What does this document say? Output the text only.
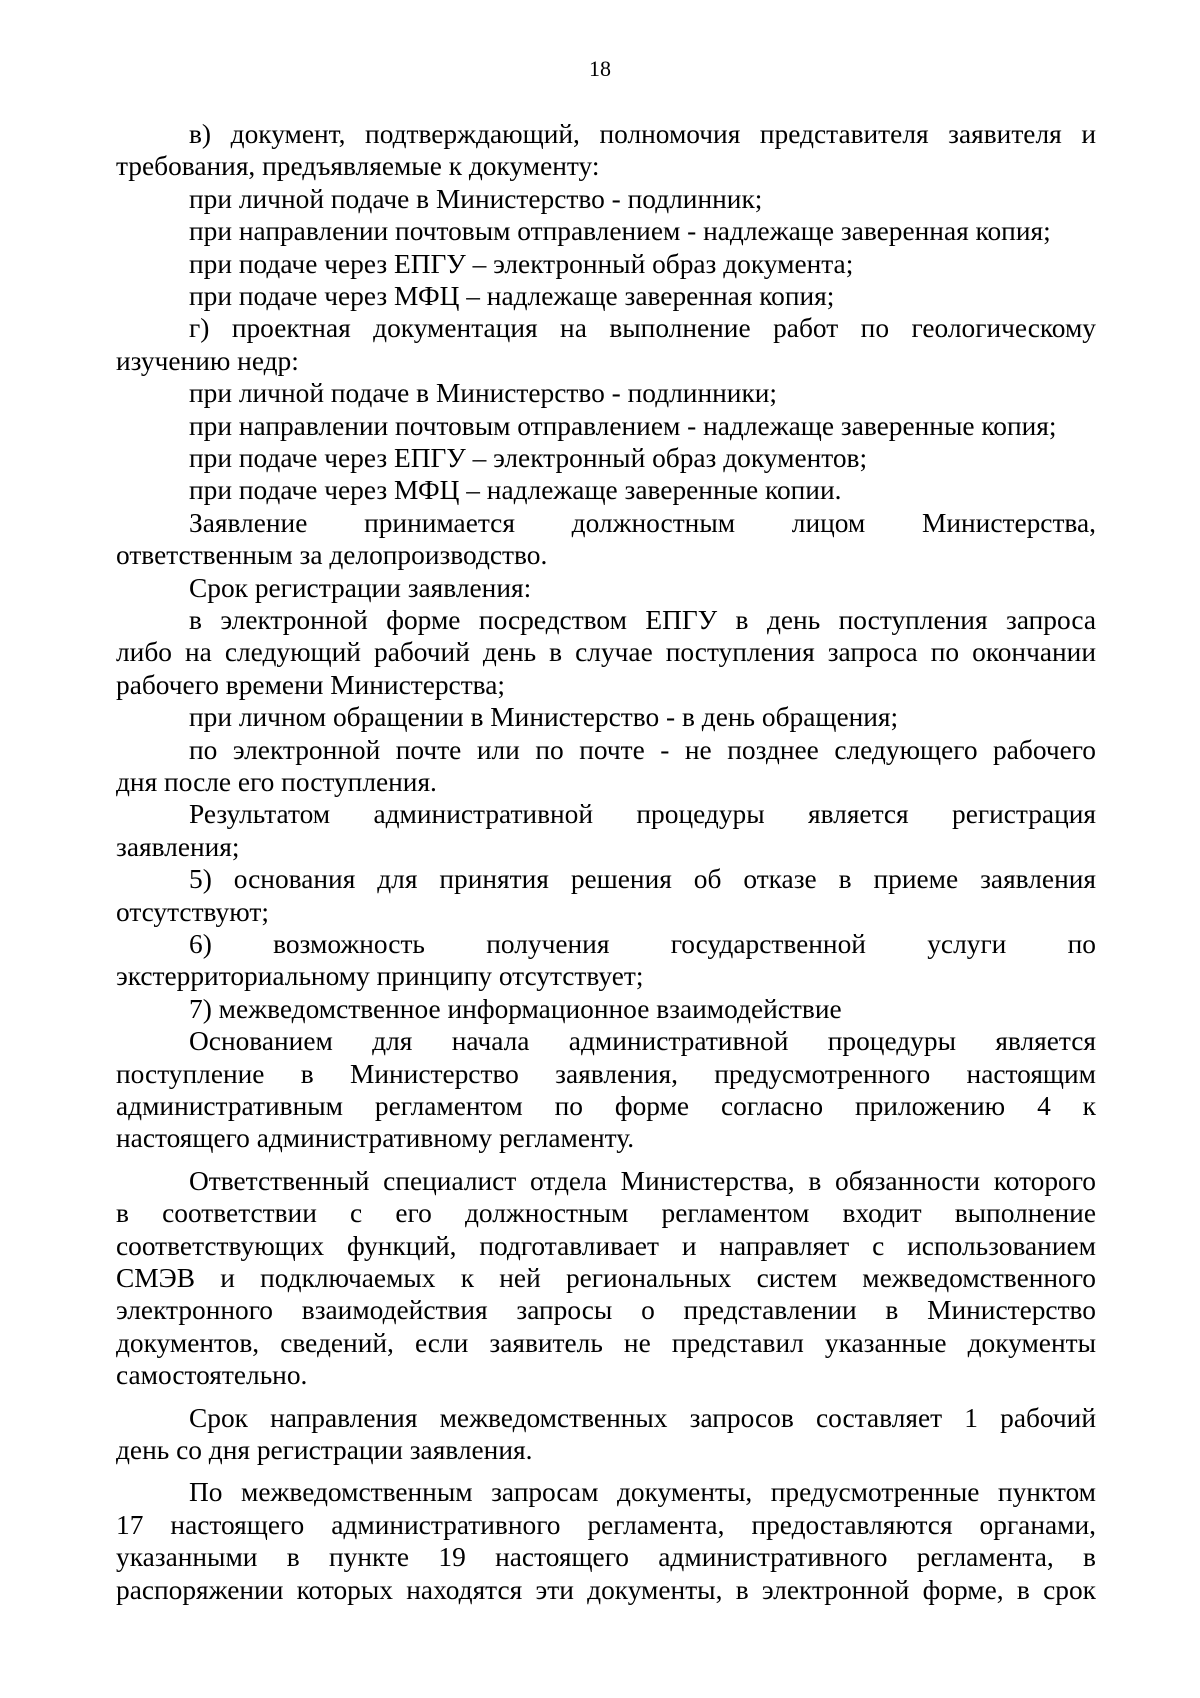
18
в) документ, подтверждающий, полномочия представителя заявителя и
требования, предъявляемые к документу:
при личной подаче в Министерство - подлинник;
при направлении почтовым отправлением - надлежаще заверенная копия;
при подаче через ЕПГУ – электронный образ документа;
при подаче через МФЦ – надлежаще заверенная копия;
г) проектная документация на выполнение работ по геологическому
изучению недр:
при личной подаче в Министерство - подлинники;
при направлении почтовым отправлением - надлежаще заверенные копия;
при подаче через ЕПГУ – электронный образ документов;
при подаче через МФЦ – надлежаще заверенные копии.
Заявление принимается должностным лицом Министерства,
ответственным за делопроизводство.
Срок регистрации заявления:
в электронной форме посредством ЕПГУ в день поступления запроса
либо на следующий рабочий день в случае поступления запроса по окончании
рабочего времени Министерства;
при личном обращении в Министерство - в день обращения;
по электронной почте или по почте - не позднее следующего рабочего
дня после его поступления.
Результатом административной процедуры является регистрация
заявления;
5) основания для принятия решения об отказе в приеме заявления
отсутствуют;
6) возможность получения государственной услуги по
экстерриториальному принципу отсутствует;
7) межведомственное информационное взаимодействие
Основанием для начала административной процедуры является
поступление в Министерство заявления, предусмотренного настоящим
административным регламентом по форме согласно приложению 4 к
настоящего административному регламенту.
Ответственный специалист отдела Министерства, в обязанности которого
в соответствии с его должностным регламентом входит выполнение
соответствующих функций, подготавливает и направляет с использованием
СМЭВ и подключаемых к ней региональных систем межведомственного
электронного взаимодействия запросы о представлении в Министерство
документов, сведений, если заявитель не представил указанные документы
самостоятельно.
Срок направления межведомственных запросов составляет 1 рабочий
день со дня регистрации заявления.
По межведомственным запросам документы, предусмотренные пунктом
17 настоящего административного регламента, предоставляются органами,
указанными в пункте 19 настоящего административного регламента, в
распоряжении которых находятся эти документы, в электронной форме, в срок
